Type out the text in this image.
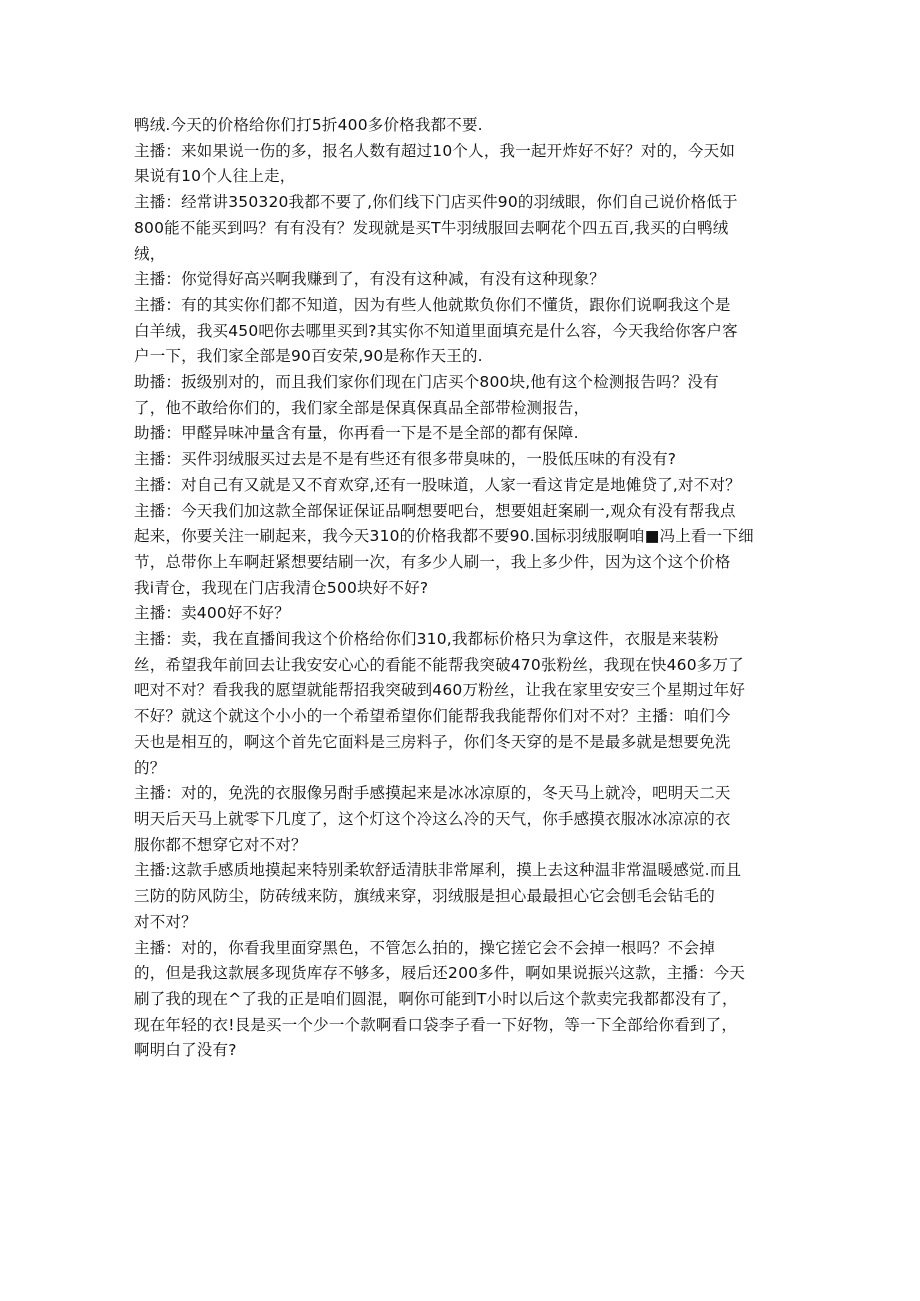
鸭绒.今天的价格给你们打5折400多价格我都不要.

主播：来如果说一伤的多，报名人数有超过10个人，我一起开炸好不好？对的，今天如
果说有10个人往上走，

主播：经常讲350320我都不要了,你们线下门店买件90的羽绒眼，你们自己说价格低于
800能不能买到吗？有有没有？发现就是买T牛羽绒服回去啊花个四五百,我买的白鸭绒
绒，

主播：你觉得好高兴啊我赚到了，有没有这种减，有没有这种现象？

主播：有的其实你们都不知道，因为有些人他就欺负你们不懂货，跟你们说啊我这个是
白羊绒，我买450吧你去哪里买到?其实你不知道里面填充是什么容，今天我给你客户客
户一下，我们家全部是90百安荣,90是称作天王的.

助播：扳级别对的，而且我们家你们现在门店买个800块,他有这个检测报告吗？没有
了，他不敢给你们的，我们家全部是保真保真品全部带检测报告，

助播：甲醛异味冲量含有量，你再看一下是不是全部的都有保障.

主播：买件羽绒服买过去是不是有些还有很多带臭味的，一股低压味的有没有?

主播：对自己有又就是又不育欢穿,还有一股味道，人家一看这肯定是地傩贷了,对不对？

主播：今天我们加这款全部保证保证品啊想要吧台，想要姐赶案刷一,观众有没有帮我点
起来，你要关注一刷起来，我今天310的价格我都不要90.国标羽绒服啊咱■冯上看一下细
节，总带你上车啊赶紧想要结刷一次，有多少人刷一，我上多少件，因为这个这个价格
我i青仓，我现在门店我清仓500块好不好?

主播：卖400好不好？

主播：卖，我在直播间我这个价格给你们310,我都标价格只为拿这件，衣服是来装粉
丝，希望我年前回去让我安安心心的看能不能帮我突破470张粉丝，我现在快460多万了
吧对不对？看我我的愿望就能帮招我突破到460万粉丝，让我在家里安安三个星期过年好
不好？就这个就这个小小的一个希望希望你们能帮我我能帮你们对不对？主播：咱们今
天也是相互的，啊这个首先它面料是三房料子，你们冬天穿的是不是最多就是想要免洗
的？

主播：对的，免洗的衣服像另酎手感摸起来是冰冰凉原的，冬天马上就冷，吧明天二天
明天后天马上就零下几度了，这个灯这个冷这么冷的天气，你手感摸衣服冰冰凉凉的衣
服你都不想穿它对不对？

主播:这款手感质地摸起来特别柔软舒适清肤非常犀利，摸上去这种温非常温暖感觉.而且
三防的防风防尘，防砖绒来防，旗绒来穿，羽绒服是担心最最担心它会刨毛会钻毛的
对不对？

主播：对的，你看我里面穿黑色，不管怎么拍的，操它搓它会不会掉一根吗？不会掉
的，但是我这款展多现货库存不够多，屐后还200多件，啊如果说振兴这款，主播：今天
刷了我的现在^了我的正是咱们圆混，啊你可能到T小时以后这个款卖完我都都没有了，
现在年轻的衣!艮是买一个少一个款啊看口袋李子看一下好物，等一下全部给你看到了，
啊明白了没有?
